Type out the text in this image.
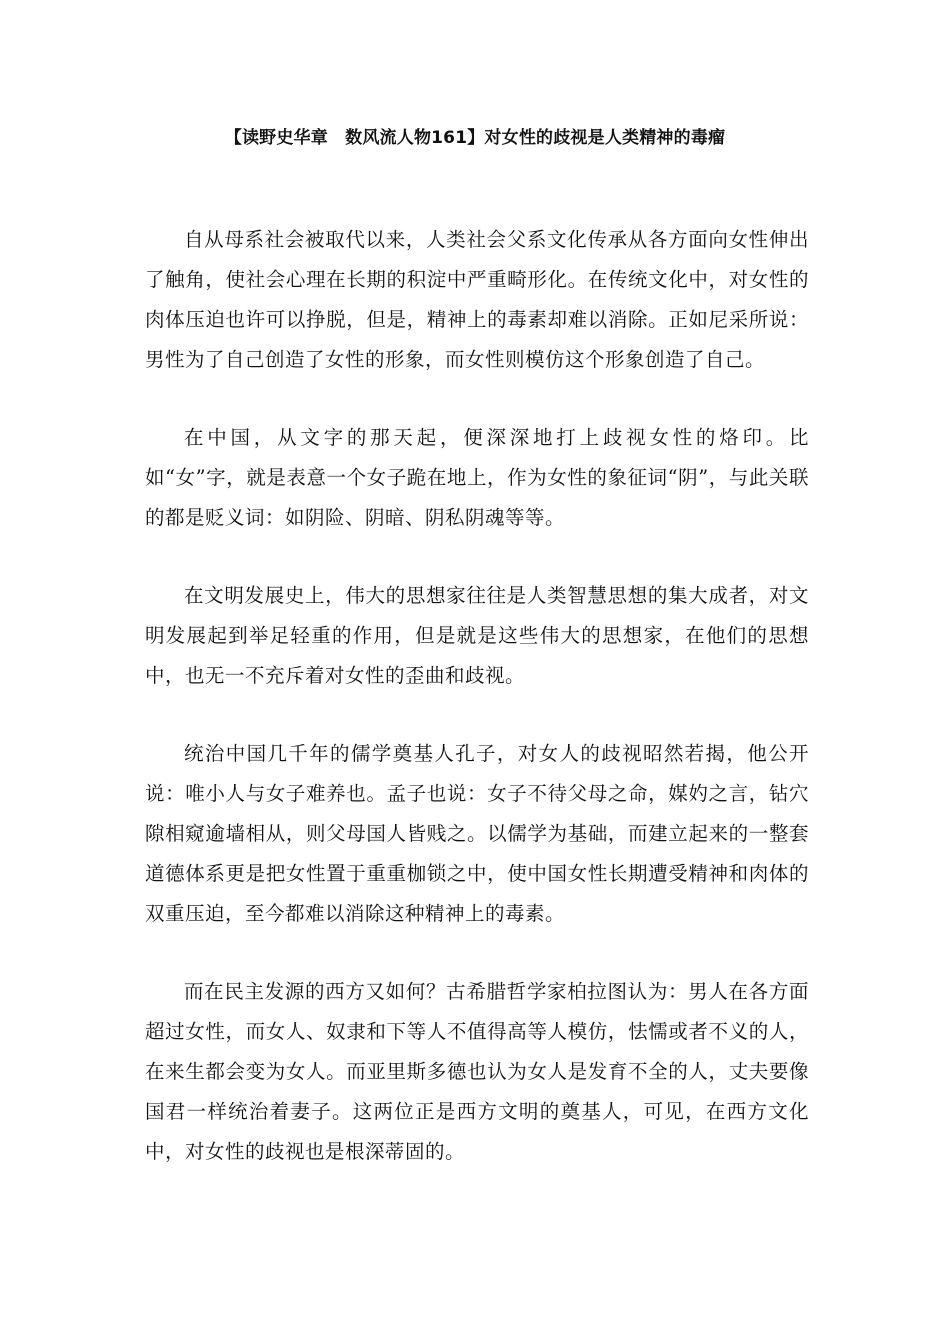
【读野史华章　数风流人物161】对女性的歧视是人类精神的毒瘤

自从母系社会被取代以来，人类社会父系文化传承从各方面向女性伸出了触角，使社会心理在长期的积淀中严重畸形化。在传统文化中，对女性的肉体压迫也许可以挣脱，但是，精神上的毒素却难以消除。正如尼采所说：男性为了自己创造了女性的形象，而女性则模仿这个形象创造了自己。

在中国，从文字的那天起，便深深地打上歧视女性的烙印。比如“女”字，就是表意一个女子跪在地上，作为女性的象征词“阴”，与此关联的都是贬义词：如阴险、阴暗、阴私阴魂等等。

在文明发展史上，伟大的思想家往往是人类智慧思想的集大成者，对文明发展起到举足轻重的作用，但是就是这些伟大的思想家，在他们的思想中，也无一不充斥着对女性的歪曲和歧视。

统治中国几千年的儒学奠基人孔子，对女人的歧视昭然若揭，他公开说：唯小人与女子难养也。孟子也说：女子不待父母之命，媒妁之言，钻穴隙相窥逾墙相从，则父母国人皆贱之。以儒学为基础，而建立起来的一整套道德体系更是把女性置于重重枷锁之中，使中国女性长期遭受精神和肉体的双重压迫，至今都难以消除这种精神上的毒素。

而在民主发源的西方又如何？古希腊哲学家柏拉图认为：男人在各方面超过女性，而女人、奴隶和下等人不值得高等人模仿，怯懦或者不义的人，在来生都会变为女人。而亚里斯多德也认为女人是发育不全的人，丈夫要像国君一样统治着妻子。这两位正是西方文明的奠基人，可见，在西方文化中，对女性的歧视也是根深蒂固的。
